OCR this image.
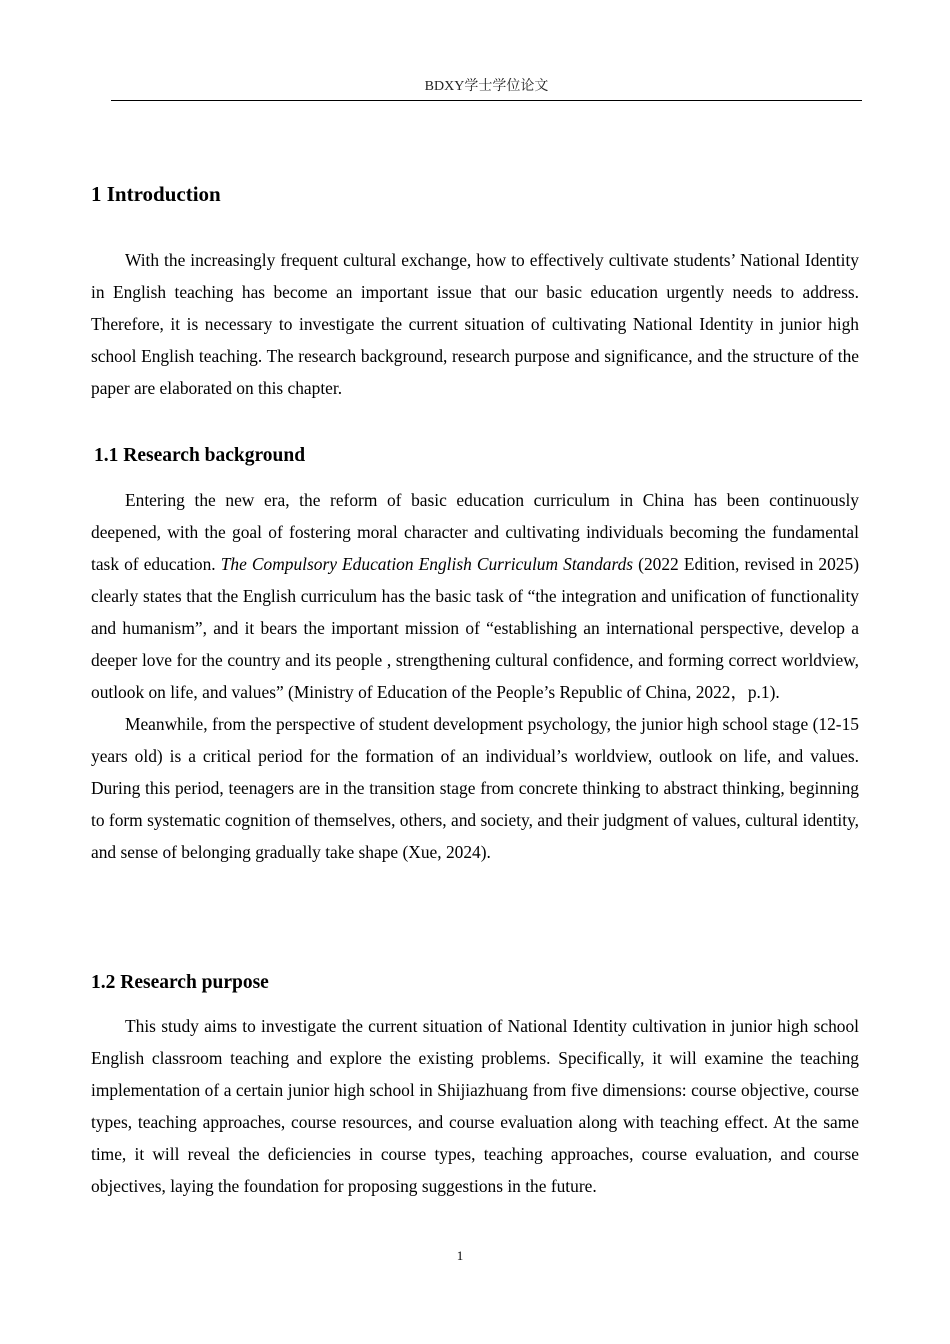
BDXY学士学位论文
1 Introduction

With the increasingly frequent cultural exchange, how to effectively cultivate students’ National Identity in English teaching has become an important issue that our basic education urgently needs to address. Therefore, it is necessary to investigate the current situation of cultivating National Identity in junior high school English teaching. The research background, research purpose and significance, and the structure of the paper are elaborated on this chapter.

1.1 Research background

Entering the new era, the reform of basic education curriculum in China has been continuously deepened, with the goal of fostering moral character and cultivating individuals becoming the fundamental task of education. The Compulsory Education English Curriculum Standards (2022 Edition, revised in 2025) clearly states that the English curriculum has the basic task of “the integration and unification of functionality and humanism”, and it bears the important mission of “establishing an international perspective, develop a deeper love for the country and its people , strengthening cultural confidence, and forming correct worldview, outlook on life, and values” (Ministry of Education of the People’s Republic of China, 2022，p.1).

Meanwhile, from the perspective of student development psychology, the junior high school stage (12-15 years old) is a critical period for the formation of an individual’s worldview, outlook on life, and values. During this period, teenagers are in the transition stage from concrete thinking to abstract thinking, beginning to form systematic cognition of themselves, others, and society, and their judgment of values, cultural identity, and sense of belonging gradually take shape (Xue, 2024).

1.2 Research purpose

This study aims to investigate the current situation of National Identity cultivation in junior high school English classroom teaching and explore the existing problems. Specifically, it will examine the teaching implementation of a certain junior high school in Shijiazhuang from five dimensions: course objective, course types, teaching approaches, course resources, and course evaluation along with teaching effect. At the same time, it will reveal the deficiencies in course types, teaching approaches, course evaluation, and course objectives, laying the foundation for proposing suggestions in the future.

1
